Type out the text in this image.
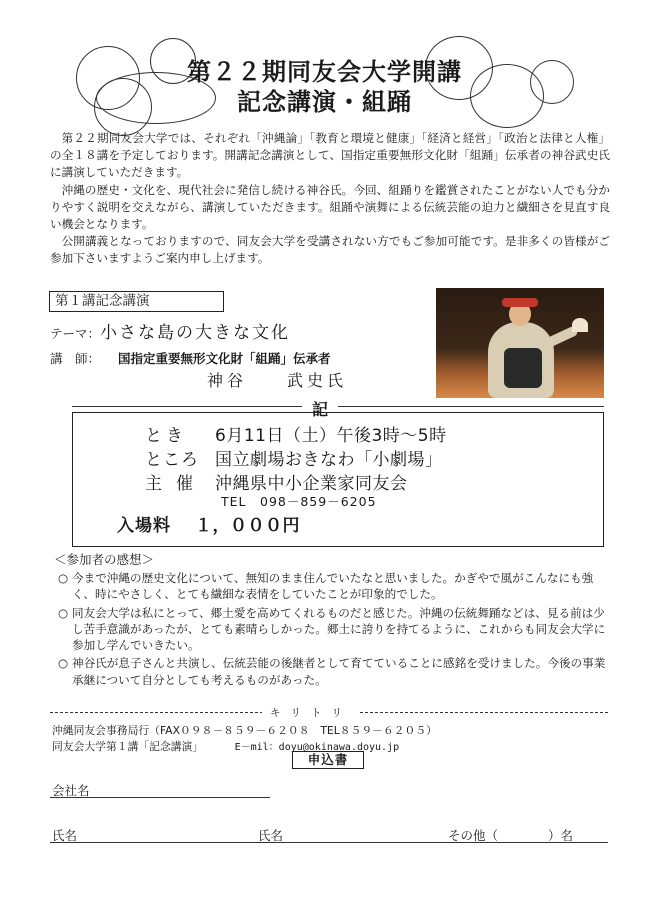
第２２期同友会大学開講
記念講演・組踊

第２２期同友会大学では、それぞれ「沖縄論」「教育と環境と健康」「経済と経営」「政治と法律と人権」の全１８講を予定しております。開講記念講演として、国指定重要無形文化財「組踊」伝承者の神谷武史氏に講演していただきます。

沖縄の歴史・文化を、現代社会に発信し続ける神谷氏。今回、組踊りを鑑賞されたことがない人でも分かりやすく説明を交えながら、講演していただきます。組踊や演舞による伝統芸能の迫力と繊細さを見直す良い機会となります。

公開講義となっておりますので、同友会大学を受講されない方でもご参加可能です。是非多くの皆様がご参加下さいますようご案内申し上げます。

第１講記念講演
テーマ：小さな島の大きな文化
講　師： 国指定重要無形文化財「組踊」伝承者
神谷　　武史氏
記
とき 6月11日（土）午後3時～5時
ところ 国立劇場おきなわ「小劇場」
主催 沖縄県中小企業家同友会
TEL　098－859－6205
入場料 １，０００円
＜参加者の感想＞
○ 今まで沖縄の歴史文化について、無知のまま住んでいたなと思いました。かぎやで風がこんなにも強く、時にやさしく、とても繊細な表情をしていたことが印象的でした。
○ 同友会大学は私にとって、郷土愛を高めてくれるものだと感じた。沖縄の伝統舞踊などは、見る前は少し苦手意識があったが、とても素晴らしかった。郷土に誇りを持てるように、これからも同友会大学に参加し学んでいきたい。
○ 神谷氏が息子さんと共演し、伝統芸能の後継者として育てていることに感銘を受けました。今後の事業承継について自分としても考えるものがあった。
キリトリ
沖縄同友会事務局行（FAX０９８－８５９－６２０８　TEL８５９－６２０５）
同友会大学第１講「記念講演」	E－mil：doyu@okinawa.doyu.jp
申込書
会社名
氏名	氏名	その他（　　　　）名
